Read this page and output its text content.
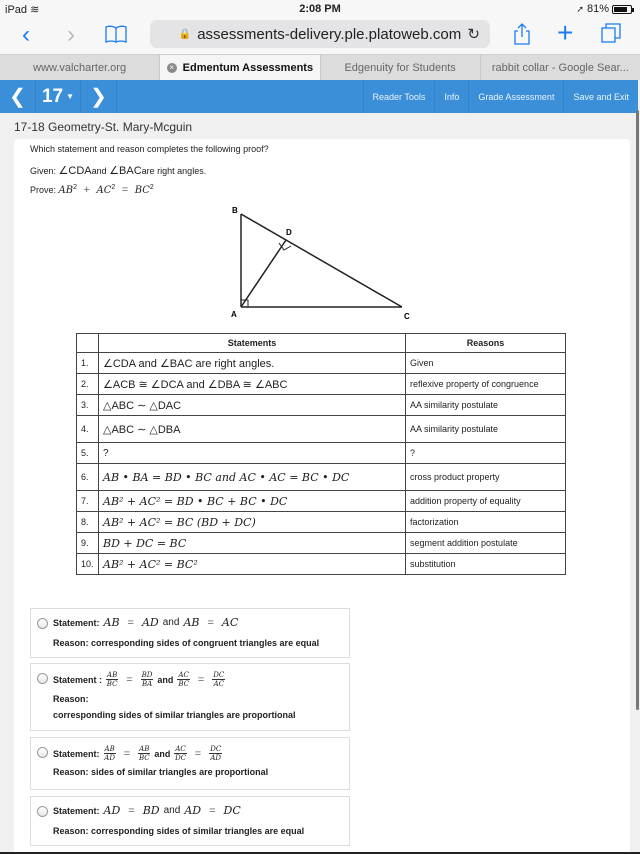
iPad ≋	2:08 PM	➚ 81%
‹ ›	🔒 assessments-delivery.ple.platoweb.com ↻	+
www.valcharter.org	× Edmentum Assessments	Edgenuity for Students	rabbit collar - Google Sear...
❮ 17 ▼ ❯	Reader Tools	Info	Grade Assessment	Save and Exit
17-18 Geometry-St. Mary-Mcguin
Which statement and reason completes the following proof?
Given: ∠CDAand ∠BACare right angles.
Prove: $AB^2 + AC^2 = BC^2$
B
D
A	C
	Statements	Reasons
1.	∠CDA and ∠BAC are right angles.	Given
2.	∠ACB ≅ ∠DCA and ∠DBA ≅ ∠ABC	reflexive property of congruence
3.	△ABC ∼ △DAC	AA similarity postulate
4.	△ABC ∼ △DBA	AA similarity postulate
5.	?	?
6.	AB • BA = BD • BC and AC • AC = BC • DC	cross product property
7.	AB² + AC² = BD • BC + BC • DC	addition property of equality
8.	AB² + AC² = BC (BD + DC)	factorization
9.	BD + DC = BC	segment addition postulate
10.	AB² + AC² = BC²	substitution
Statement: AB = AD and AB = AC
Reason: corresponding sides of congruent triangles are equal
Statement : $\frac{AB}{BC} = \frac{BD}{BA}$ and $\frac{AC}{BC} = \frac{DC}{AC}$
Reason:
corresponding sides of similar triangles are proportional
Statement: $\frac{AB}{AD} = \frac{AB}{BC}$ and $\frac{AC}{DC} = \frac{DC}{AD}$
Reason: sides of similar triangles are proportional
Statement: AD = BD and AD = DC
Reason: corresponding sides of similar triangles are equal
